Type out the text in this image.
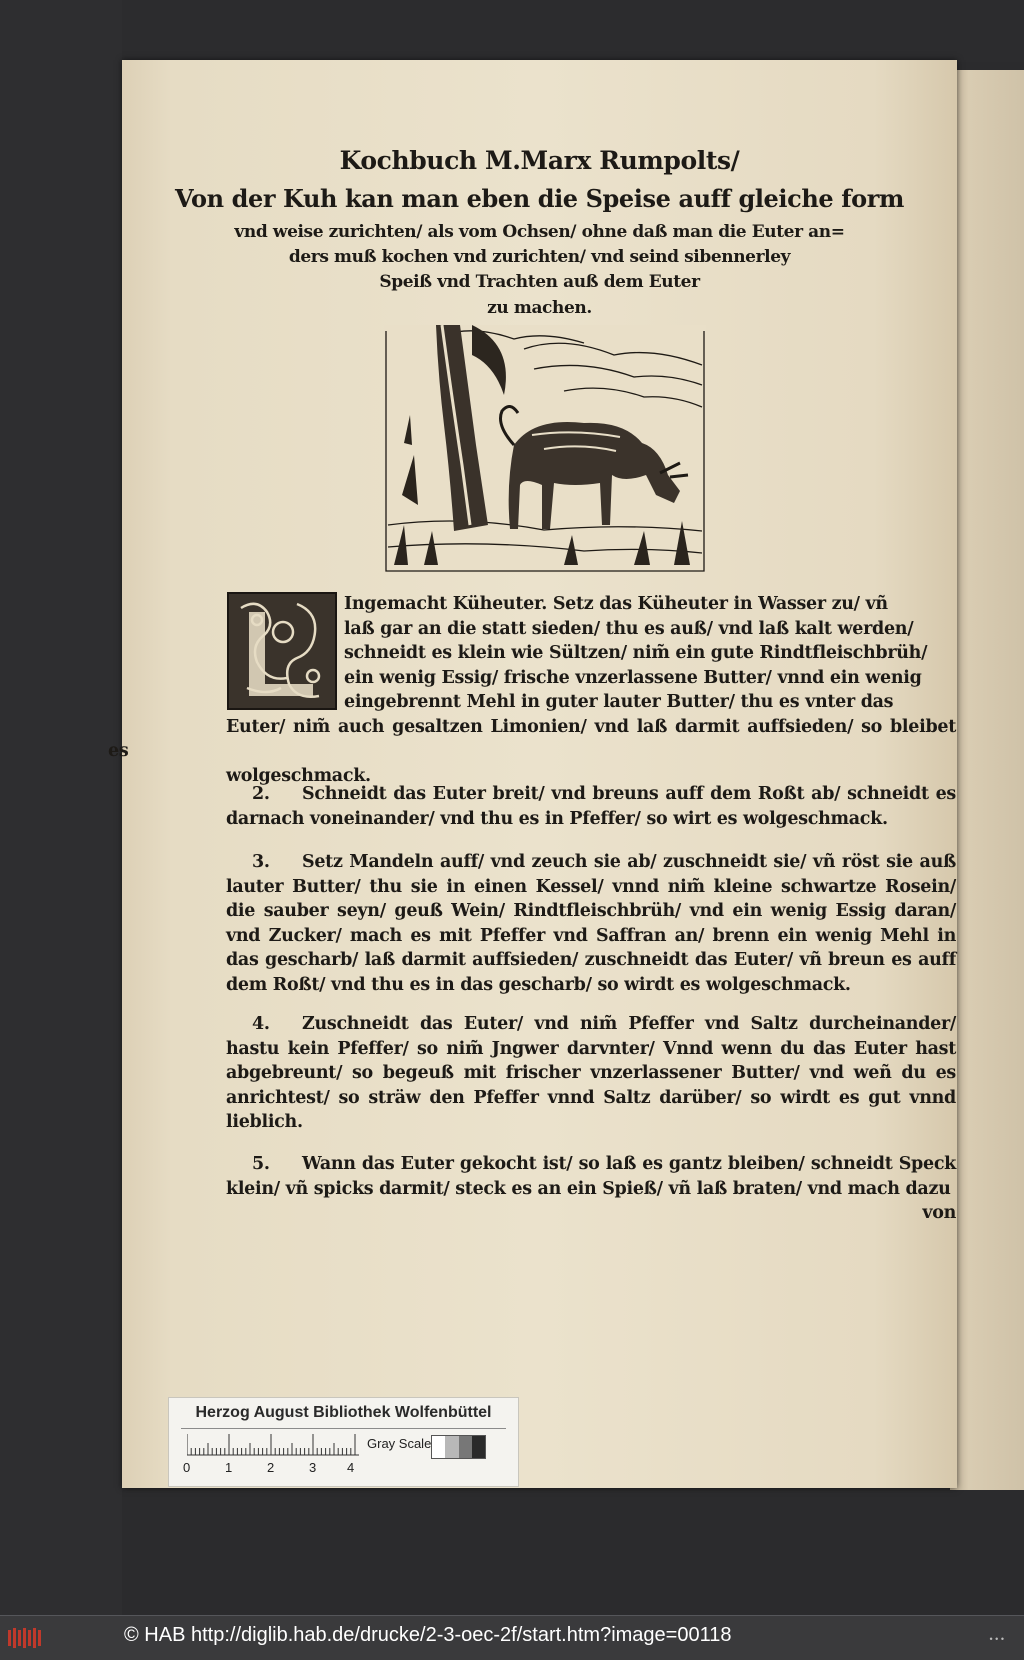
Kochbuch M.Marx Rumpolts/
Von der Kuh kan man eben die Speise auff gleiche form
vnd weise zurichten/ als vom Ochsen/ ohne daß man die Euter an=
ders muß kochen vnd zurichten/ vnd seind sibennerley
Speiß vnd Trachten auß dem Euter
zu machen.
Ingemacht Küheuter. Setz das Küheuter in Wasser zu/ vñ
laß gar an die statt sieden/ thu es auß/ vnd laß kalt werden/
schneidt es klein wie Sültzen/ nim̃ ein gute Rindtfleischbrüh/
ein wenig Essig/ frische vnzerlassene Butter/ vnnd ein wenig
eingebrennt Mehl in guter lauter Butter/ thu es vnter das
Euter/ nim̃ auch gesaltzen Limonien/ vnd laß darmit auffsieden/ so bleibet es
wolgeschmack.
2. Schneidt das Euter breit/ vnd breuns auff dem Roßt ab/ schneidt es darnach voneinander/ vnd thu es in Pfeffer/ so wirt es wolgeschmack.
3. Setz Mandeln auff/ vnd zeuch sie ab/ zuschneidt sie/ vñ röst sie auß lauter Butter/ thu sie in einen Kessel/ vnnd nim̃ kleine schwartze Rosein/ die sauber seyn/ geuß Wein/ Rindtfleischbrüh/ vnd ein wenig Essig daran/ vnd Zucker/ mach es mit Pfeffer vnd Saffran an/ brenn ein wenig Mehl in das gescharb/ laß darmit auffsieden/ zuschneidt das Euter/ vñ breun es auff dem Roßt/ vnd thu es in das gescharb/ so wirdt es wolgeschmack.
4. Zuschneidt das Euter/ vnd nim̃ Pfeffer vnd Saltz durcheinander/ hastu kein Pfeffer/ so nim̃ Jngwer darvnter/ Vnnd wenn du das Euter hast abgebreunt/ so begeuß mit frischer vnzerlassener Butter/ vnd weñ du es anrichtest/ so sträw den Pfeffer vnnd Saltz darüber/ so wirdt es gut vnnd lieblich.
5. Wann das Euter gekocht ist/ so laß es gantz bleiben/ schneidt Speck klein/ vñ spicks darmit/ steck es an ein Spieß/ vñ laß braten/ vnd mach dazu
von
Herzog August Bibliothek Wolfenbüttel
0	1	2	3 4
Gray Scale
© HAB http://diglib.hab.de/drucke/2-3-oec-2f/start.htm?image=00118	• • •
